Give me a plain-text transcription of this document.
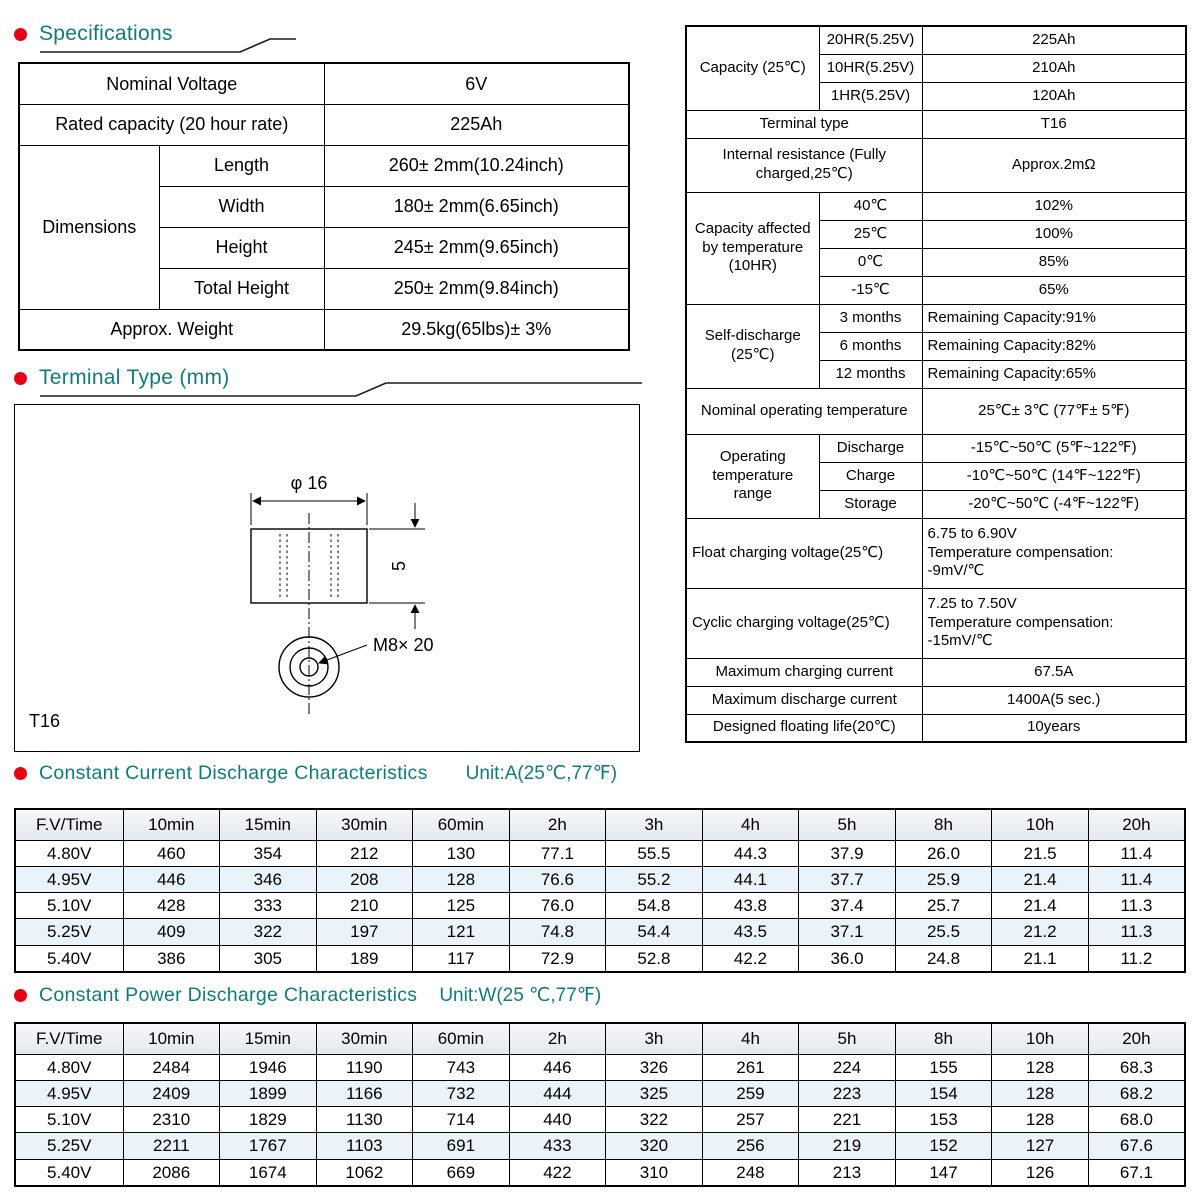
Specifications
Nominal Voltage		6V
Rated capacity (20 hour rate)		225Ah
Dimensions	Length	260± 2mm(10.24inch)
	Width	180± 2mm(6.65inch)
	Height	245± 2mm(9.65inch)
	Total Height	250± 2mm(9.84inch)
Approx. Weight		29.5kg(65lbs)± 3%
Terminal Type (mm)
φ 16
5
M8× 20
T16
Capacity (25℃)	20HR(5.25V)	225Ah
	10HR(5.25V)	210Ah
	1HR(5.25V)	120Ah
Terminal type		T16
Internal resistance (Fully charged,25℃)		Approx.2mΩ
Capacity affected by temperature (10HR)	40℃	102%
	25℃	100%
	0℃	85%
	-15℃	65%
Self-discharge (25℃)	3 months	Remaining Capacity:91%
	6 months	Remaining Capacity:82%
	12 months	Remaining Capacity:65%
Nominal operating temperature		25℃± 3℃ (77℉± 5℉)
Operating temperature range	Discharge	-15℃~50℃ (5℉~122℉)
	Charge	-10℃~50℃ (14℉~122℉)
	Storage	-20℃~50℃ (-4℉~122℉)
Float charging voltage(25℃)		6.75 to 6.90V
Temperature compensation:
-9mV/℃

Cyclic charging voltage(25℃)		7.25 to 7.50V
Temperature compensation:
-15mV/℃

Maximum charging current		67.5A
Maximum discharge current		1400A(5 sec.)
Designed floating life(20℃)		10years
Constant Current Discharge Characteristics Unit:A(25℃,77℉)
F.V/Time	10min	15min	30min	60min	2h	3h	4h	5h	8h	10h	20h
4.80V	460	354	212	130	77.1	55.5	44.3	37.9	26.0	21.5	11.4
4.95V	446	346	208	128	76.6	55.2	44.1	37.7	25.9	21.4	11.4
5.10V	428	333	210	125	76.0	54.8	43.8	37.4	25.7	21.4	11.3
5.25V	409	322	197	121	74.8	54.4	43.5	37.1	25.5	21.2	11.3
5.40V	386	305	189	117	72.9	52.8	42.2	36.0	24.8	21.1	11.2
Constant Power Discharge Characteristics Unit:W(25 ℃,77℉)
F.V/Time	10min	15min	30min	60min	2h	3h	4h	5h	8h	10h	20h
4.80V	2484	1946	1190	743	446	326	261	224	155	128	68.3
4.95V	2409	1899	1166	732	444	325	259	223	154	128	68.2
5.10V	2310	1829	1130	714	440	322	257	221	153	128	68.0
5.25V	2211	1767	1103	691	433	320	256	219	152	127	67.6
5.40V	2086	1674	1062	669	422	310	248	213	147	126	67.1
